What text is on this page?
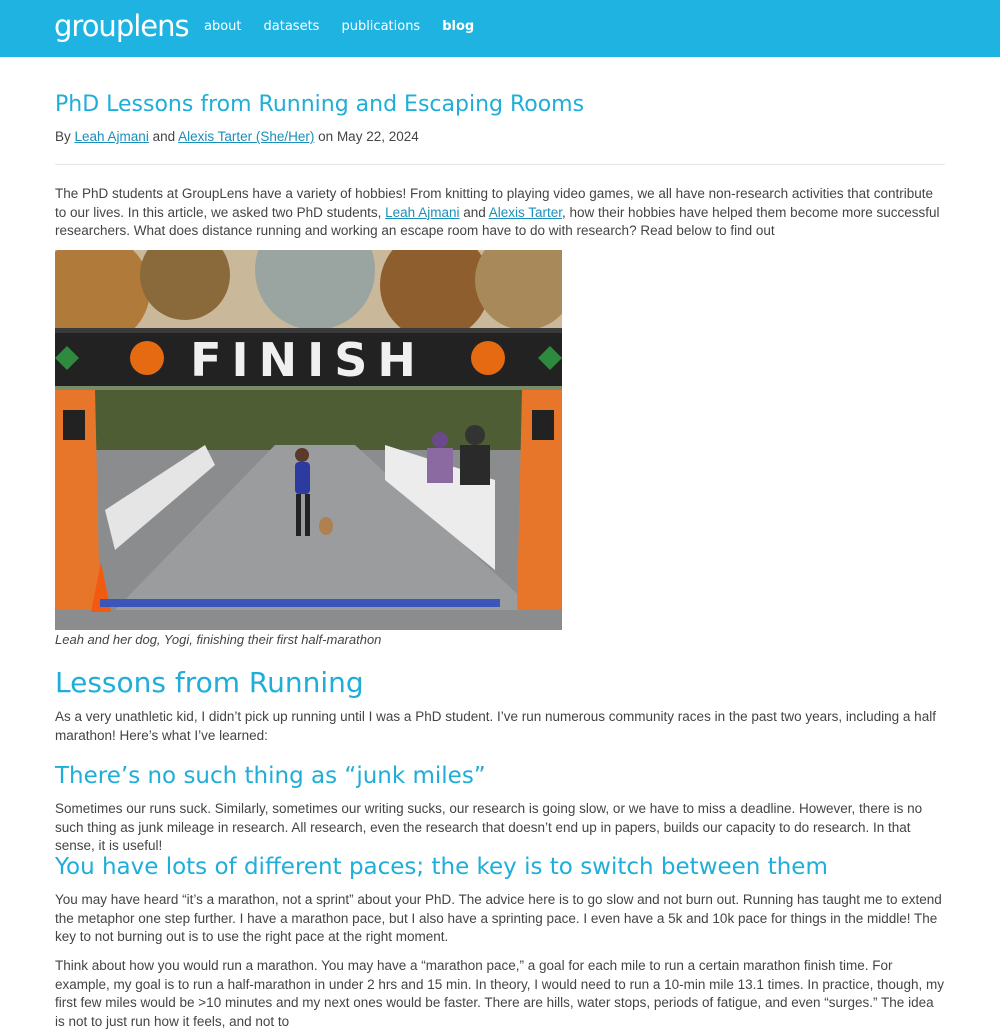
grouplens about datasets publications blog
PhD Lessons from Running and Escaping Rooms
By Leah Ajmani and Alexis Tarter (She/Her) on May 22, 2024

The PhD students at GroupLens have a variety of hobbies! From knitting to playing video games, we all have non-research activities that contribute to our lives. In this article, we asked two PhD students, Leah Ajmani and Alexis Tarter, how their hobbies have helped them become more successful researchers. What does distance running and working an escape room have to do with research? Read below to find out

FINISH

Leah and her dog, Yogi, finishing their first half-marathon

Lessons from Running

As a very unathletic kid, I didn’t pick up running until I was a PhD student. I’ve run numerous community races in the past two years, including a half marathon! Here’s what I’ve learned:

There’s no such thing as “junk miles”

Sometimes our runs suck. Similarly, sometimes our writing sucks, our research is going slow, or we have to miss a deadline. However, there is no such thing as junk mileage in research. All research, even the research that doesn’t end up in papers, builds our capacity to do research. In that sense, it is useful!

You have lots of different paces; the key is to switch between them

You may have heard “it’s a marathon, not a sprint” about your PhD. The advice here is to go slow and not burn out. Running has taught me to extend the metaphor one step further. I have a marathon pace, but I also have a sprinting pace. I even have a 5k and 10k pace for things in the middle! The key to not burning out is to use the right pace at the right moment.

Think about how you would run a marathon. You may have a “marathon pace,” a goal for each mile to run a certain marathon finish time. For example, my goal is to run a half-marathon in under 2 hrs and 15 min. In theory, I would need to run a 10-min mile 13.1 times. In practice, though, my first few miles would be >10 minutes and my next ones would be faster. There are hills, water stops, periods of fatigue, and even “surges.” The idea is not to just run how it feels, and not to
